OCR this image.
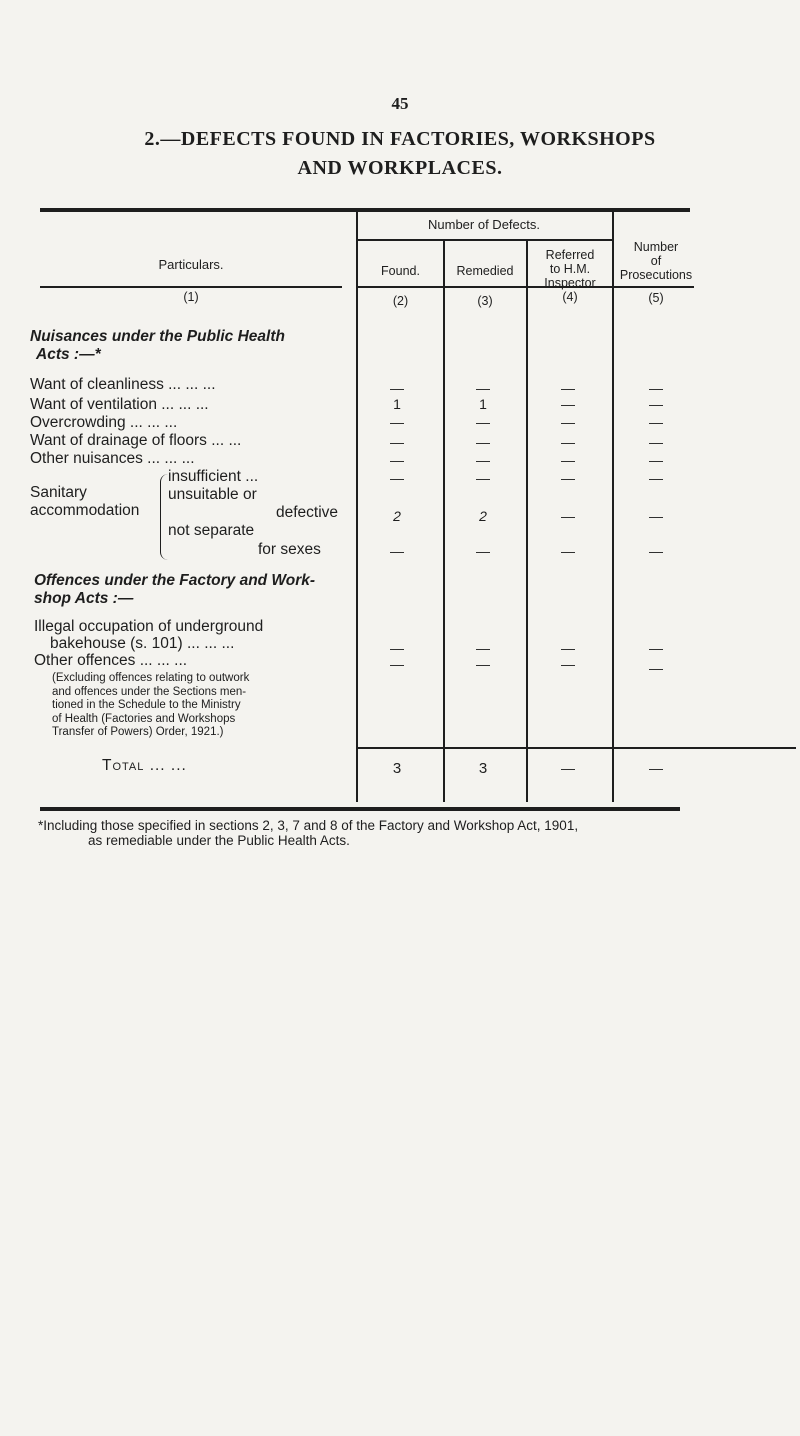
45
2.—DEFECTS FOUND IN FACTORIES, WORKSHOPS
AND WORKPLACES.
Particulars.
(1)
Number of Defects.
Found.
(2)
Remedied
(3)
Referred
to H.M.
Inspector
(4)
Number
of
Prosecutions
(5)
Nuisances under the Public Health
Acts :—*
Want of cleanliness ... ... ...	—	—	—	—
Want of ventilation ... ... ...	1	1	—	—
Overcrowding ... ... ...	—	—	—	—
Want of drainage of floors ... ...	—	—	—	—
Other nuisances ... ... ...	—	—	—	—
Sanitary
accommodation
insufficient ...	—	—	—	—
unsuitable or
defective	2	2	—	—
not separate
for sexes	—	—	—	—
Offences under the Factory and Work-
shop Acts :—
Illegal occupation of underground
bakehouse (s. 101) ... ... ...	—	—	—	—
Other offences ... ... ...	—	—	—	—
(Excluding offences relating to outwork
and offences under the Sections men-
tioned in the Schedule to the Ministry
of Health (Factories and Workshops
Transfer of Powers) Order, 1921.)
Total ... ...	3	3	—	—
*Including those specified in sections 2, 3, 7 and 8 of the Factory and Workshop Act, 1901,
as remediable under the Public Health Acts.
